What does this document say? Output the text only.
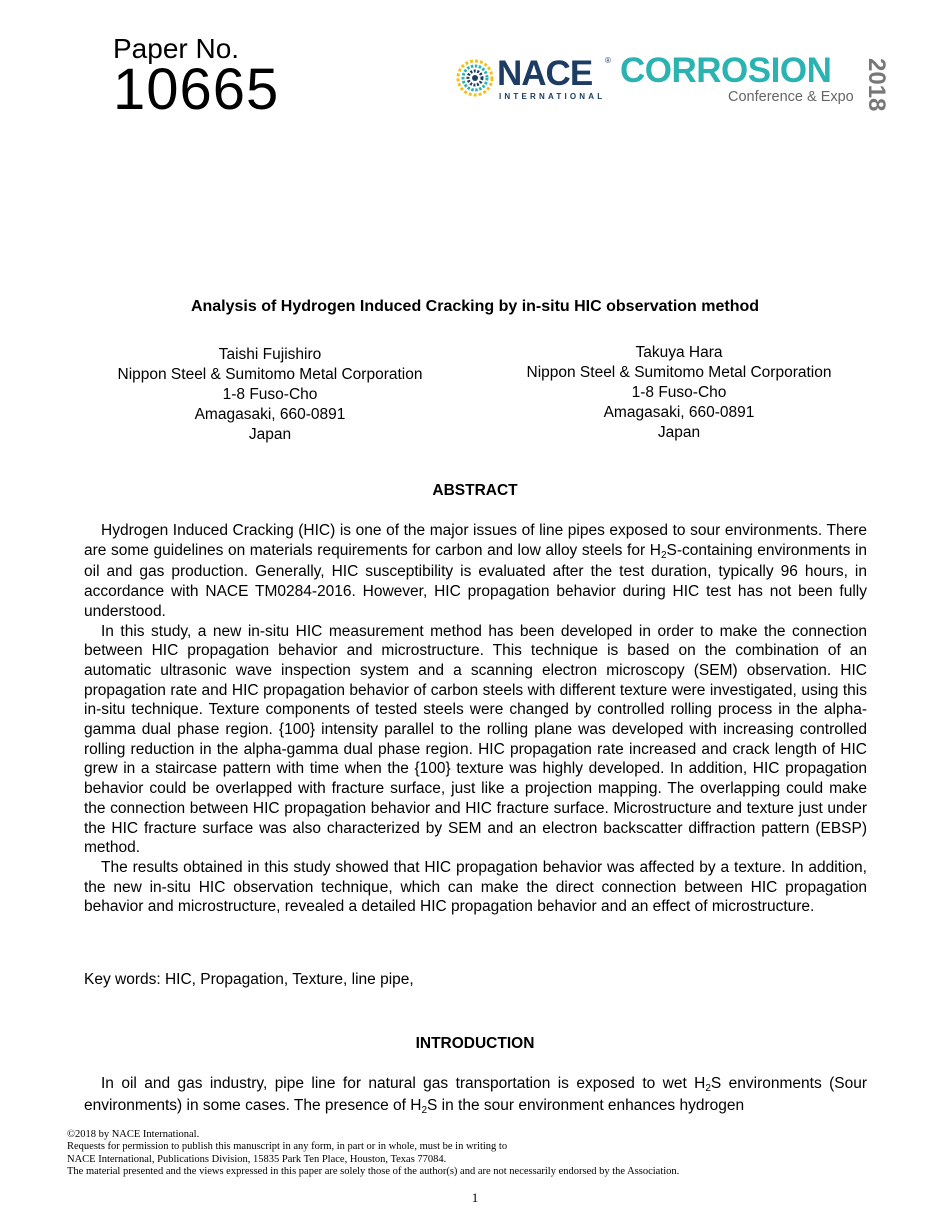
Paper No.
10665	NACE ®
INTERNATIONAL
CORROSION
Conference & Expo 2018
Analysis of Hydrogen Induced Cracking by in-situ HIC observation method
Taishi Fujishiro
Nippon Steel & Sumitomo Metal Corporation
1-8 Fuso-Cho
Amagasaki, 660-0891
Japan
Takuya Hara
Nippon Steel & Sumitomo Metal Corporation
1-8 Fuso-Cho
Amagasaki, 660-0891
Japan
ABSTRACT

Hydrogen Induced Cracking (HIC) is one of the major issues of line pipes exposed to sour environments. There are some guidelines on materials requirements for carbon and low alloy steels for $H_2S$-containing environments in oil and gas production. Generally, HIC susceptibility is evaluated after the test duration, typically 96 hours, in accordance with NACE TM0284-2016. However, HIC propagation behavior during HIC test has not been fully understood.

In this study, a new in-situ HIC measurement method has been developed in order to make the connection between HIC propagation behavior and microstructure. This technique is based on the combination of an automatic ultrasonic wave inspection system and a scanning electron microscopy (SEM) observation. HIC propagation rate and HIC propagation behavior of carbon steels with different texture were investigated, using this in-situ technique. Texture components of tested steels were changed by controlled rolling process in the alpha-gamma dual phase region. {100} intensity parallel to the rolling plane was developed with increasing controlled rolling reduction in the alpha-gamma dual phase region. HIC propagation rate increased and crack length of HIC grew in a staircase pattern with time when the {100} texture was highly developed. In addition, HIC propagation behavior could be overlapped with fracture surface, just like a projection mapping. The overlapping could make the connection between HIC propagation behavior and HIC fracture surface. Microstructure and texture just under the HIC fracture surface was also characterized by SEM and an electron backscatter diffraction pattern (EBSP) method.

The results obtained in this study showed that HIC propagation behavior was affected by a texture. In addition, the new in-situ HIC observation technique, which can make the direct connection between HIC propagation behavior and microstructure, revealed a detailed HIC propagation behavior and an effect of microstructure.

Key words: HIC, Propagation, Texture, line pipe,
INTRODUCTION

In oil and gas industry, pipe line for natural gas transportation is exposed to wet $H_2S$ environments (Sour environments) in some cases. The presence of $H_2S$ in the sour environment enhances hydrogen

©2018 by NACE International.
Requests for permission to publish this manuscript in any form, in part or in whole, must be in writing to
NACE International, Publications Division, 15835 Park Ten Place, Houston, Texas 77084.
The material presented and the views expressed in this paper are solely those of the author(s) and are not necessarily endorsed by the Association.
1
